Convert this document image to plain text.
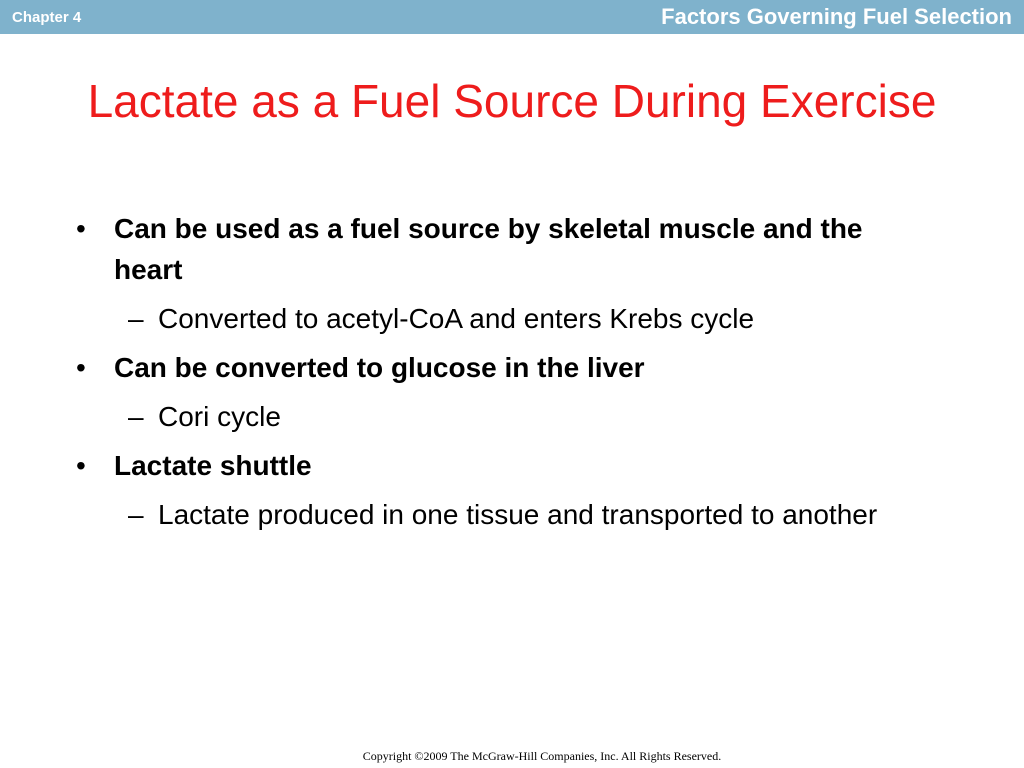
Chapter 4	Factors Governing Fuel Selection
Lactate as a Fuel Source During Exercise
• Can be used as a fuel source by skeletal muscle and the heart
– Converted to acetyl-CoA and enters Krebs cycle
• Can be converted to glucose in the liver
– Cori cycle
• Lactate shuttle
– Lactate produced in one tissue and transported to another
Copyright ©2009 The McGraw-Hill Companies, Inc. All Rights Reserved.
